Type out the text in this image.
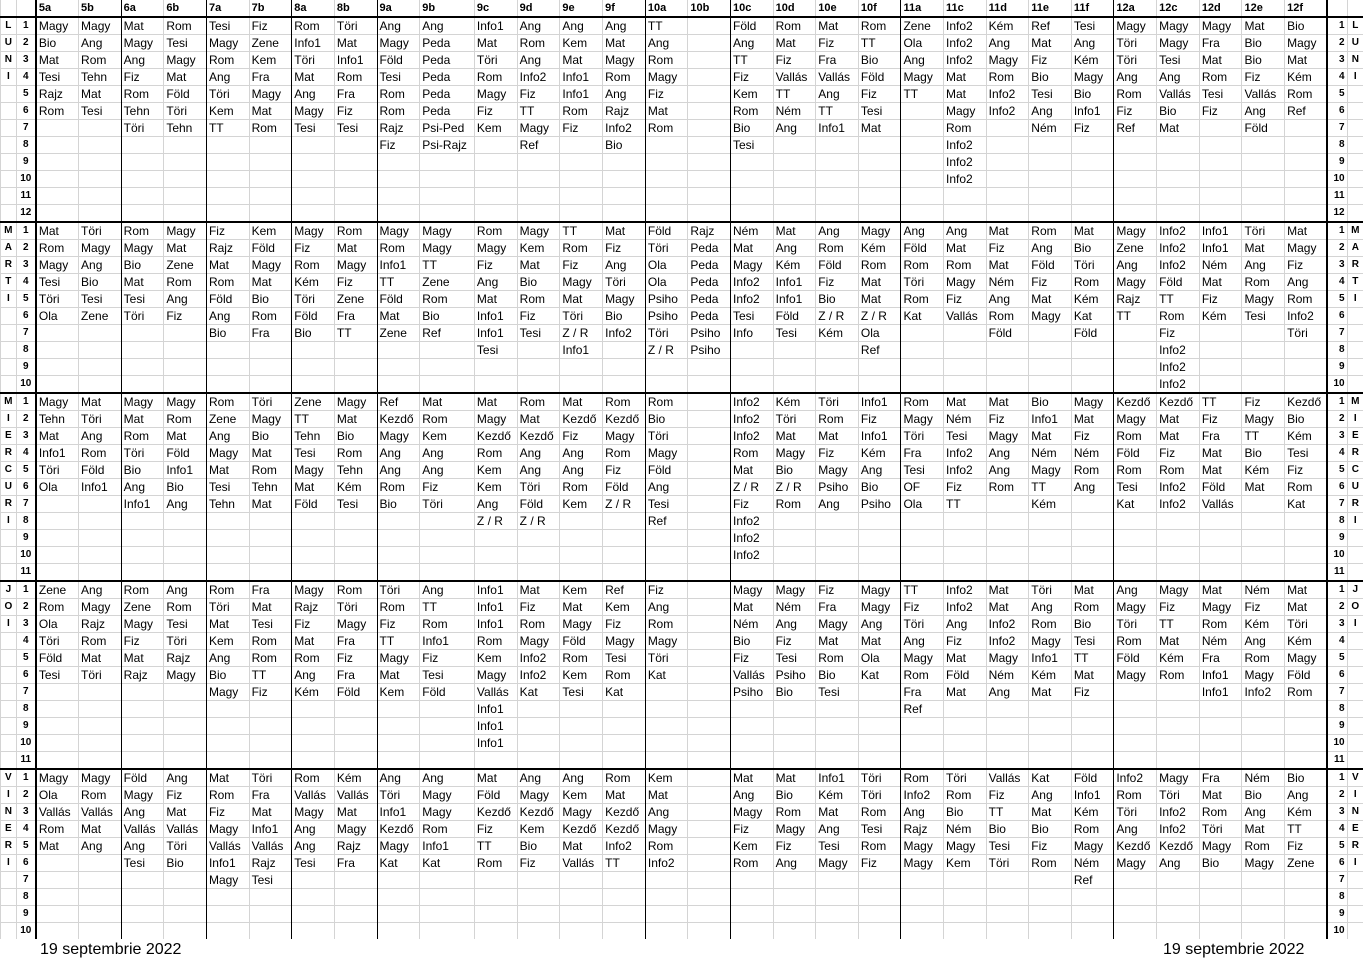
		5a	5b	6a	6b	7a	7b	8a	8b	9a	9b	9c	9d	9e	9f	10a	10b	10c	10d	10e	10f	11a	11c	11d	11e	11f	12a	12c	12d	12e	12f		
L	1	Magy	Magy	Mat	Rom	Tesi	Fiz	Rom	Töri	Ang	Ang	Info1	Ang	Ang	Ang	TT		Föld	Rom	Mat	Rom	Zene	Info2	Kém	Ref	Tesi	Magy	Magy	Magy	Mat	Bio	1	L
U	2	Bio	Ang	Magy	Tesi	Magy	Zene	Info1	Mat	Magy	Peda	Mat	Rom	Kem	Mat	Ang		Ang	Mat	Fiz	TT	Ola	Info2	Ang	Mat	Ang	Töri	Magy	Fra	Bio	Magy	2	U
N	3	Mat	Rom	Ang	Magy	Rom	Kem	Töri	Info1	Föld	Peda	Töri	Ang	Mat	Magy	Rom		TT	Fiz	Fra	Bio	Ang	Info2	Magy	Fiz	Kém	Töri	Tesi	Mat	Bio	Mat	3	N
I	4	Tesi	Tehn	Fiz	Mat	Ang	Fra	Mat	Rom	Tesi	Peda	Rom	Info2	Info1	Rom	Magy		Fiz	Vallás	Vallás	Föld	Magy	Mat	Rom	Bio	Magy	Ang	Ang	Rom	Fiz	Kém	4	I
	5	Rajz	Mat	Rom	Föld	Töri	Magy	Ang	Fra	Rom	Peda	Magy	Fiz	Info1	Ang	Fiz		Kem	TT	Ang	Fiz	TT	Mat	Info2	Tesi	Bio	Rom	Vallás	Tesi	Vallás	Rom	5	
	6	Rom	Tesi	Tehn	Töri	Kem	Mat	Magy	Fiz	Rom	Peda	Fiz	TT	Rom	Rajz	Mat		Rom	Ném	TT	Tesi		Magy	Info2	Ang	Info1	Fiz	Bio	Fiz	Ang	Ref	6	
	7			Töri	Tehn	TT	Rom	Tesi	Tesi	Rajz	Psi-Ped	Kem	Magy	Fiz	Info2	Rom		Bio	Ang	Info1	Mat		Rom		Ném	Fiz	Ref	Mat		Föld		7	
	8									Fiz	Psi-Rajz		Ref		Bio			Tesi					Info2									8	
	9																						Info2									9	
	10																						Info2									10	
	11																															11	
	12																															12	
M	1	Mat	Töri	Rom	Magy	Fiz	Kem	Magy	Rom	Magy	Magy	Rom	Magy	TT	Mat	Föld	Rajz	Ném	Mat	Ang	Magy	Ang	Ang	Mat	Rom	Mat	Magy	Info2	Info1	Töri	Mat	1	M
A	2	Rom	Magy	Magy	Mat	Rajz	Föld	Fiz	Mat	Rom	Magy	Magy	Kem	Rom	Fiz	Töri	Peda	Mat	Ang	Rom	Kém	Föld	Mat	Fiz	Ang	Bio	Zene	Info2	Info1	Mat	Magy	2	A
R	3	Magy	Ang	Bio	Zene	Mat	Magy	Rom	Magy	Info1	TT	Fiz	Mat	Fiz	Ang	Ola	Peda	Magy	Kém	Föld	Rom	Rom	Rom	Mat	Föld	Töri	Ang	Info2	Ném	Ang	Fiz	3	R
T	4	Tesi	Bio	Mat	Rom	Rom	Mat	Kém	Fiz	TT	Zene	Ang	Bio	Magy	Töri	Ola	Peda	Info2	Info1	Fiz	Mat	Töri	Magy	Ném	Fiz	Rom	Magy	Föld	Mat	Rom	Ang	4	T
I	5	Töri	Tesi	Tesi	Ang	Föld	Bio	Töri	Zene	Föld	Rom	Mat	Rom	Mat	Magy	Psiho	Peda	Info2	Info1	Bio	Mat	Rom	Fiz	Ang	Mat	Kém	Rajz	TT	Fiz	Magy	Rom	5	I
	6	Ola	Zene	Töri	Fiz	Ang	Rom	Föld	Fra	Mat	Bio	Info1	Fiz	Töri	Bio	Psiho	Peda	Tesi	Föld	Z / R	Z / R	Kat	Vallás	Rom	Magy	Kat	TT	Rom	Kém	Tesi	Info2	6	
	7					Bio	Fra	Bio	TT	Zene	Ref	Info1	Tesi	Z / R	Info2	Töri	Psiho	Info	Tesi	Kém	Ola			Föld		Föld		Fiz			Töri	7	
	8											Tesi		Info1		Z / R	Psiho				Ref							Info2				8	
	9																											Info2				9	
	10																											Info2				10	
M	1	Magy	Mat	Magy	Magy	Rom	Töri	Zene	Magy	Ref	Mat	Mat	Rom	Mat	Rom	Rom		Info2	Kém	Töri	Info1	Rom	Mat	Mat	Bio	Magy	Kezdő	Kezdő	TT	Fiz	Kezdő	1	M
I	2	Tehn	Töri	Mat	Rom	Zene	Magy	TT	Mat	Kezdő	Rom	Magy	Mat	Kezdő	Kezdő	Bio		Info2	Töri	Rom	Fiz	Magy	Ném	Fiz	Info1	Mat	Magy	Mat	Fiz	Magy	Bio	2	I
E	3	Mat	Ang	Rom	Mat	Ang	Bio	Tehn	Bio	Magy	Kem	Kezdő	Kezdő	Fiz	Magy	Töri		Info2	Mat	Mat	Info1	Töri	Tesi	Magy	Mat	Fiz	Rom	Mat	Fra	TT	Kém	3	E
R	4	Info1	Rom	Töri	Föld	Magy	Mat	Tesi	Rom	Ang	Ang	Rom	Ang	Ang	Rom	Magy		Rom	Magy	Fiz	Kém	Fra	Info2	Ang	Ném	Ném	Föld	Fiz	Mat	Bio	Tesi	4	R
C	5	Töri	Föld	Bio	Info1	Mat	Rom	Magy	Tehn	Ang	Ang	Kem	Ang	Ang	Fiz	Föld		Mat	Bio	Magy	Ang	Tesi	Info2	Ang	Magy	Rom	Rom	Rom	Mat	Kém	Fiz	5	C
U	6	Ola	Info1	Ang	Bio	Tesi	Tehn	Mat	Kém	Rom	Fiz	Kem	Töri	Rom	Föld	Ang		Z / R	Z / R	Psiho	Bio	OF	Fiz	Rom	TT	Ang	Tesi	Info2	Föld	Mat	Rom	6	U
R	7			Info1	Ang	Tehn	Mat	Föld	Tesi	Bio	Töri	Ang	Föld	Kem	Z / R	Tesi		Fiz	Rom	Ang	Psiho	Ola	TT		Kém		Kat	Info2	Vallás		Kat	7	R
I	8											Z / R	Z / R			Ref		Info2														8	I
	9																	Info2														9	
	10																	Info2														10	
	11																															11	
J	1	Zene	Ang	Rom	Ang	Rom	Fra	Magy	Rom	Töri	Ang	Info1	Mat	Kem	Ref	Fiz		Magy	Magy	Fiz	Magy	TT	Info2	Mat	Töri	Mat	Ang	Magy	Mat	Ném	Mat	1	J
O	2	Rom	Magy	Zene	Rom	Töri	Mat	Rajz	Töri	Rom	TT	Info1	Fiz	Mat	Kem	Ang		Mat	Ném	Fra	Magy	Fiz	Info2	Mat	Ang	Rom	Magy	Fiz	Magy	Fiz	Mat	2	O
I	3	Ola	Rajz	Magy	Tesi	Mat	Tesi	Fiz	Magy	Fiz	Rom	Info1	Rom	Magy	Fiz	Rom		Ném	Ang	Magy	Ang	Töri	Ang	Info2	Rom	Bio	Töri	TT	Rom	Kém	Töri	3	I
	4	Töri	Rom	Fiz	Töri	Kem	Rom	Mat	Fra	TT	Info1	Rom	Magy	Föld	Magy	Magy		Bio	Fiz	Mat	Mat	Ang	Fiz	Info2	Magy	Tesi	Rom	Mat	Ném	Ang	Kém	4	
	5	Föld	Mat	Mat	Rajz	Ang	Rom	Rom	Fiz	Magy	Fiz	Kem	Info2	Rom	Tesi	Töri		Fiz	Tesi	Rom	Ola	Magy	Mat	Magy	Info1	TT	Föld	Kém	Fra	Rom	Magy	5	
	6	Tesi	Töri	Rajz	Magy	Bio	TT	Ang	Fra	Mat	Tesi	Magy	Info2	Kem	Rom	Kat		Vallás	Psiho	Bio	Kat	Rom	Föld	Ném	Kém	Mat	Magy	Rom	Info1	Magy	Föld	6	
	7					Magy	Fiz	Kém	Föld	Kem	Föld	Vallás	Kat	Tesi	Kat			Psiho	Bio	Tesi		Fra	Mat	Ang	Mat	Fiz			Info1	Info2	Rom	7	
	8											Info1										Ref										8	
	9											Info1																				9	
	10											Info1																				10	
	11																															11	
V	1	Magy	Magy	Föld	Ang	Mat	Töri	Rom	Kém	Ang	Ang	Mat	Ang	Ang	Rom	Kem		Mat	Mat	Info1	Töri	Rom	Töri	Vallás	Kat	Föld	Info2	Magy	Fra	Ném	Bio	1	V
I	2	Ola	Rom	Magy	Fiz	Rom	Fra	Vallás	Vallás	Töri	Magy	Föld	Magy	Kem	Mat	Mat		Ang	Bio	Kém	Töri	Info2	Rom	Fiz	Ang	Info1	Rom	Töri	Mat	Bio	Ang	2	I
N	3	Vallás	Vallás	Ang	Mat	Fiz	Mat	Magy	Mat	Info1	Magy	Kezdő	Kezdő	Magy	Kezdő	Ang		Magy	Rom	Mat	Rom	Ang	Bio	TT	Mat	Kém	Töri	Info2	Rom	Ang	Kém	3	N
E	4	Rom	Mat	Vallás	Vallás	Magy	Info1	Ang	Magy	Kezdő	Rom	Fiz	Kem	Kezdő	Kezdő	Magy		Fiz	Magy	Ang	Tesi	Rajz	Ném	Bio	Bio	Rom	Ang	Info2	Töri	Mat	TT	4	E
R	5	Mat	Ang	Ang	Töri	Vallás	Vallás	Ang	Rajz	Magy	Info1	TT	Bio	Mat	Info2	Rom		Kem	Fiz	Tesi	Rom	Magy	Magy	Tesi	Fiz	Magy	Kezdő	Kezdő	Magy	Rom	Fiz	5	R
I	6			Tesi	Bio	Info1	Rajz	Tesi	Fra	Kat	Kat	Rom	Fiz	Vallás	TT	Info2		Rom	Ang	Magy	Fiz	Magy	Kem	Töri	Rom	Ném	Magy	Ang	Bio	Magy	Zene	6	I
	7					Magy	Tesi																			Ref						7	
	8																															8	
	9																															9	
	10																															10	
19 septembrie 2022	19 septembrie 2022
